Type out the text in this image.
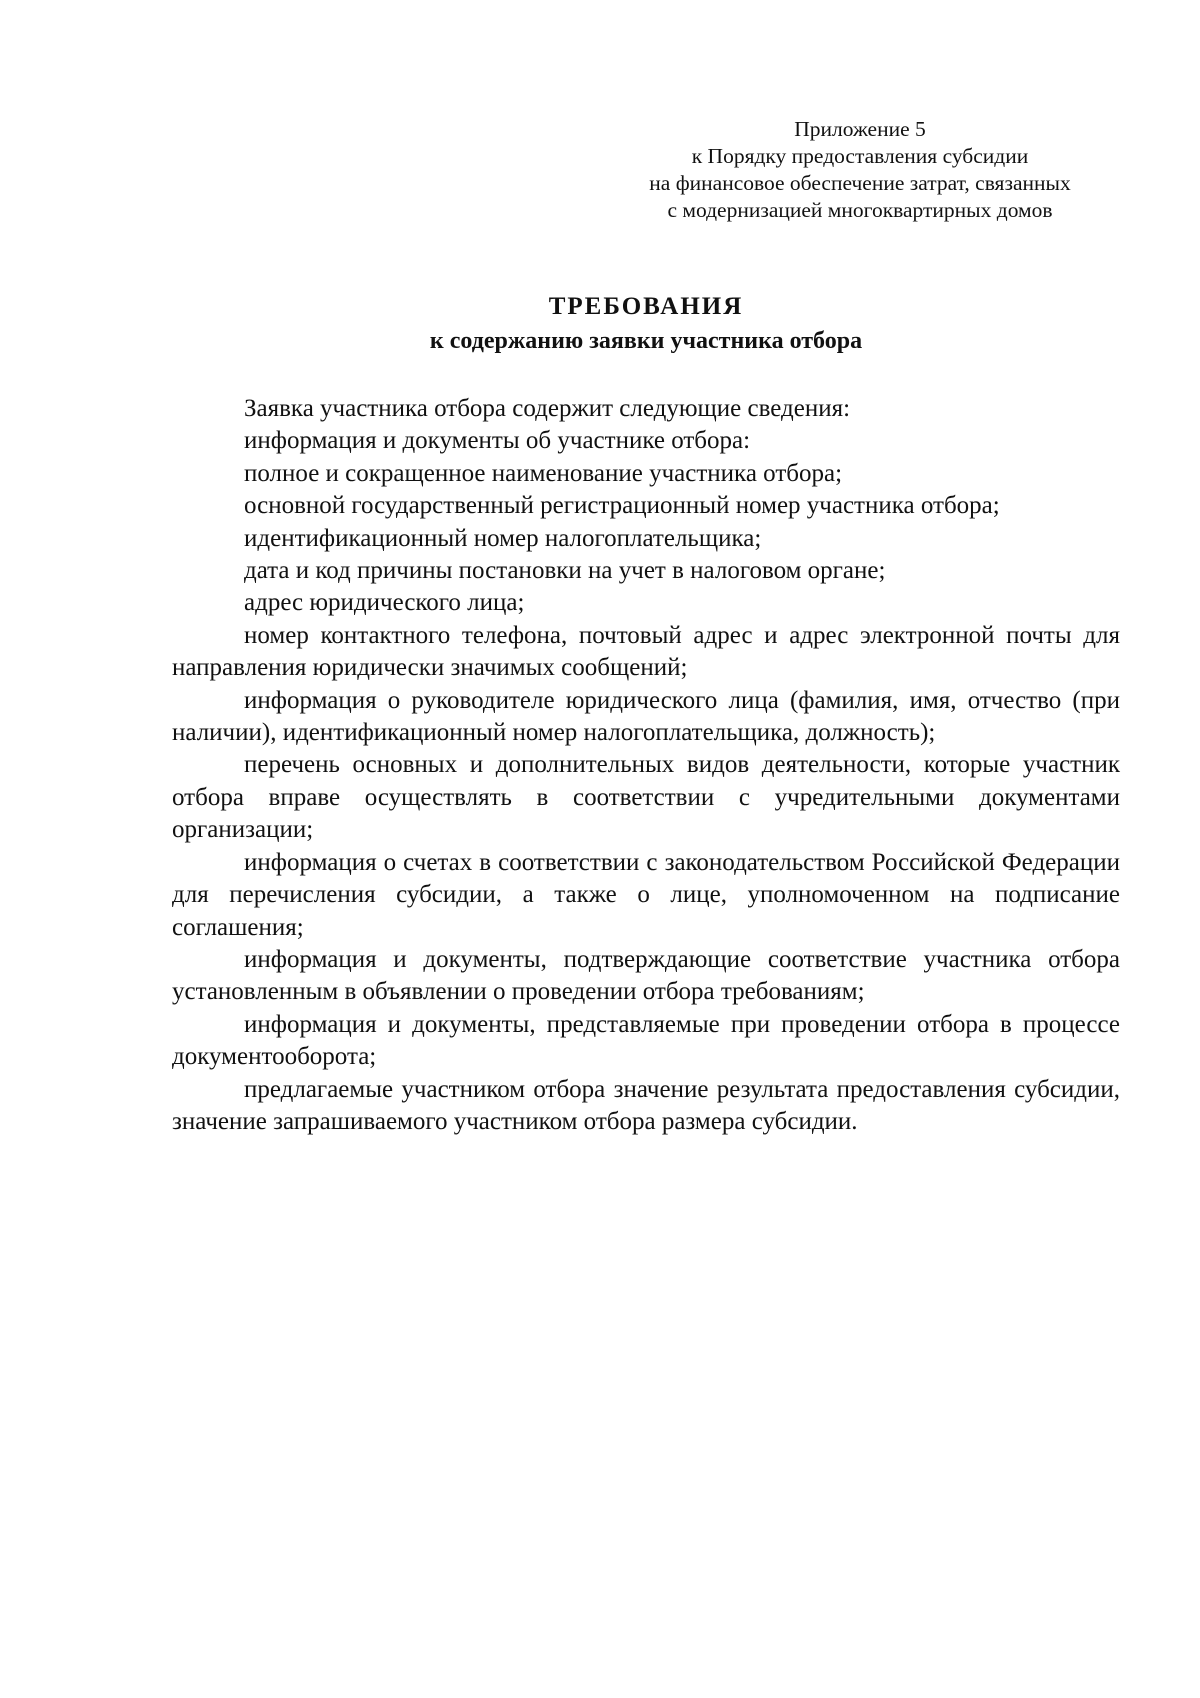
Приложение 5
к Порядку предоставления субсидии
на финансовое обеспечение затрат, связанных
с модернизацией многоквартирных домов
ТРЕБОВАНИЯ
к содержанию заявки участника отбора

Заявка участника отбора содержит следующие сведения:

информация и документы об участнике отбора:

полное и сокращенное наименование участника отбора;

основной государственный регистрационный номер участника отбора;

идентификационный номер налогоплательщика;

дата и код причины постановки на учет в налоговом органе;

адрес юридического лица;

номер контактного телефона, почтовый адрес и адрес электронной почты для направления юридически значимых сообщений;

информация о руководителе юридического лица (фамилия, имя, отчество (при наличии), идентификационный номер налогоплательщика, должность);

перечень основных и дополнительных видов деятельности, которые участник отбора вправе осуществлять в соответствии с учредительными документами организации;

информация о счетах в соответствии с законодательством Российской Федерации для перечисления субсидии, а также о лице, уполномоченном на подписание соглашения;

информация и документы, подтверждающие соответствие участника отбора установленным в объявлении о проведении отбора требованиям;

информация и документы, представляемые при проведении отбора в процессе документооборота;

предлагаемые участником отбора значение результата предоставления субсидии, значение запрашиваемого участником отбора размера субсидии.
